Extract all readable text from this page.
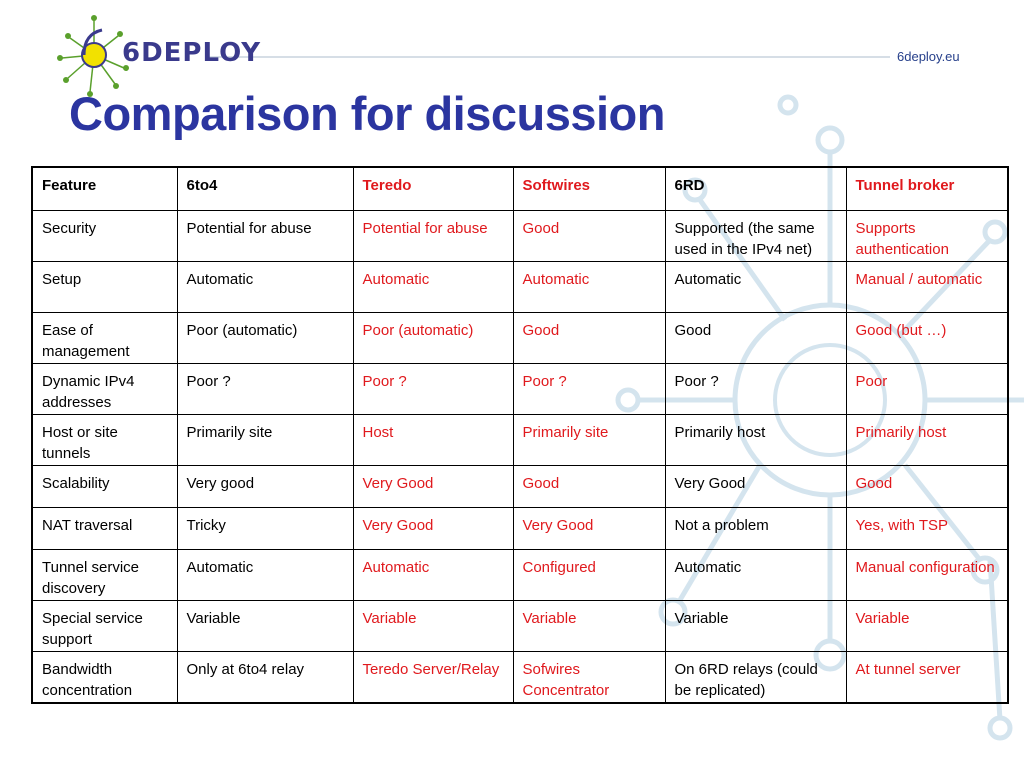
6DEPLOY	6deploy.eu
Comparison for discussion
Feature	6to4	Teredo	Softwires	6RD	Tunnel broker
Security	Potential for abuse	Potential for abuse	Good	Supported (the same used in the IPv4 net)	Supports authentication
Setup	Automatic	Automatic	Automatic	Automatic	Manual / automatic
Ease of management	Poor (automatic)	Poor (automatic)	Good	Good	Good (but …)
Dynamic IPv4 addresses	Poor ?	Poor ?	Poor ?	Poor ?	Poor
Host or site tunnels	Primarily site	Host	Primarily site	Primarily host	Primarily host
Scalability	Very good	Very Good	Good	Very Good	Good
NAT traversal	Tricky	Very Good	Very Good	Not a problem	Yes, with TSP
Tunnel service discovery	Automatic	Automatic	Configured	Automatic	Manual configuration
Special service support	Variable	Variable	Variable	Variable	Variable
Bandwidth concentration	Only at 6to4 relay	Teredo Server/Relay	Sofwires Concentrator	On 6RD relays (could be replicated)	At tunnel server
